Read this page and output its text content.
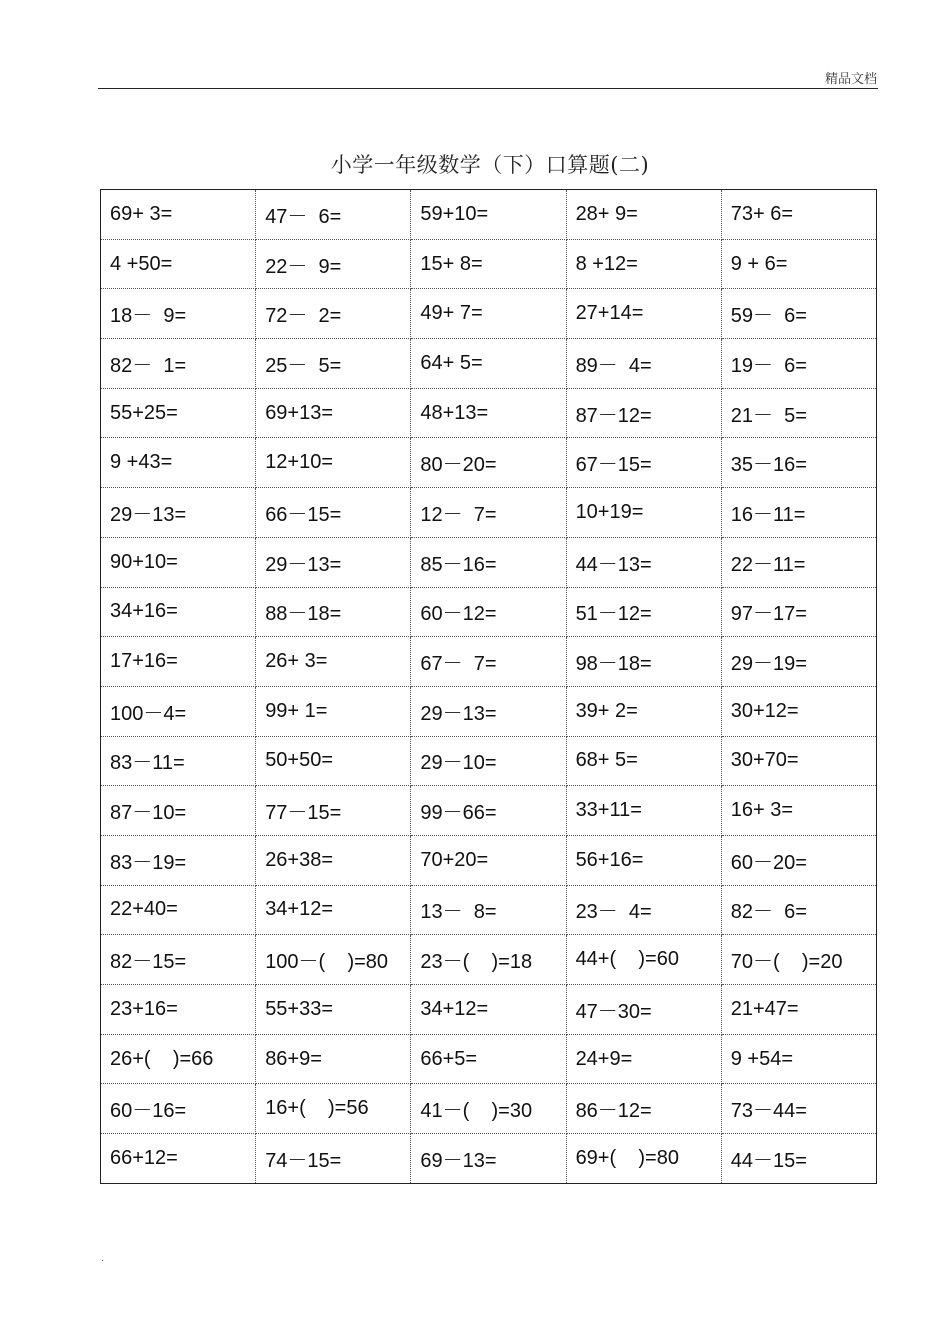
精品文档
小学一年级数学（下）口算题(二)
69+ 3=	47－  6=	59+10=	28+ 9=	73+ 6=
4 +50=	22－  9=	15+ 8=	8 +12=	9 + 6=
18－  9=	72－  2=	49+ 7=	27+14=	59－  6=
82－  1=	25－  5=	64+ 5=	89－  4=	19－  6=
55+25=	69+13=	48+13=	87－12=	21－  5=
9 +43=	12+10=	80－20=	67－15=	35－16=
29－13=	66－15=	12－  7=	10+19=	16－11=
90+10=	29－13=	85－16=	44－13=	22－11=
34+16=	88－18=	60－12=	51－12=	97－17=
17+16=	26+ 3=	67－  7=	98－18=	29－19=
100－4=	99+ 1=	29－13=	39+ 2=	30+12=
83－11=	50+50=	29－10=	68+ 5=	30+70=
87－10=	77－15=	99－66=	33+11=	16+ 3=
83－19=	26+38=	70+20=	56+16=	60－20=
22+40=	34+12=	13－  8=	23－  4=	82－  6=
82－15=	100－(    )=80	23－(    )=18	44+(    )=60	70－(    )=20
23+16=	55+33=	34+12=	47－30=	21+47=
26+(    )=66	86+9=	66+5=	24+9=	9 +54=
60－16=	16+(    )=56	41－(    )=30	86－12=	73－44=
66+12=	74－15=	69－13=	69+(    )=80	44－15=
.
